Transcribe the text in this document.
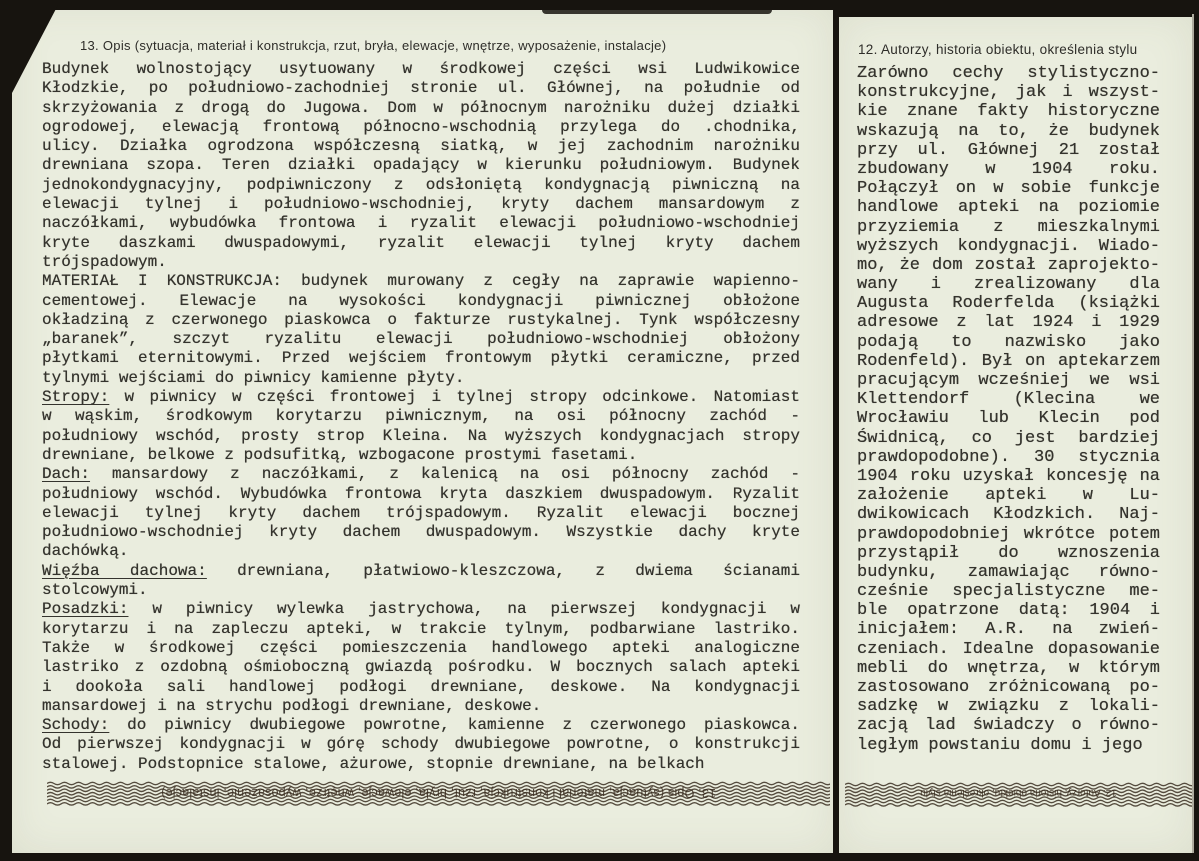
13. Opis (sytuacja, materiał i konstrukcja, rzut, bryła, elewacje, wnętrze, wyposażenie, instalacje)
Budynek wolnostojący usytuowany w środkowej części wsi Ludwikowice
Kłodzkie, po południowo-zachodniej stronie ul. Głównej, na południe od
skrzyżowania z drogą do Jugowa. Dom w północnym narożniku dużej działki
ogrodowej, elewacją frontową północno-wschodnią przylega do .chodnika,
ulicy. Działka ogrodzona współczesną siatką, w jej zachodnim narożniku
drewniana szopa. Teren działki opadający w kierunku południowym. Budynek
jednokondygnacyjny, podpiwniczony z odsłoniętą kondygnacją piwniczną na
elewacji tylnej i południowo-wschodniej, kryty dachem mansardowym z
naczółkami, wybudówka frontowa i ryzalit elewacji południowo-wschodniej
kryte daszkami dwuspadowymi, ryzalit elewacji tylnej kryty dachem
trójspadowym.
MATERIAŁ I KONSTRUKCJA: budynek murowany z cegły na zaprawie wapienno-
cementowej. Elewacje na wysokości kondygnacji piwnicznej obłożone
okładziną z czerwonego piaskowca o fakturze rustykalnej. Tynk współczesny
„baranek”, szczyt ryzalitu elewacji południowo-wschodniej obłożony
płytkami eternitowymi. Przed wejściem frontowym płytki ceramiczne, przed
tylnymi wejściami do piwnicy kamienne płyty.
Stropy: w piwnicy w części frontowej i tylnej stropy odcinkowe. Natomiast
w wąskim, środkowym korytarzu piwnicznym, na osi północny zachód -
południowy wschód, prosty strop Kleina. Na wyższych kondygnacjach stropy
drewniane, belkowe z podsufitką, wzbogacone prostymi fasetami.
Dach: mansardowy z naczółkami, z kalenicą na osi północny zachód -
południowy wschód. Wybudówka frontowa kryta daszkiem dwuspadowym. Ryzalit
elewacji tylnej kryty dachem trójspadowym. Ryzalit elewacji bocznej
południowo-wschodniej kryty dachem dwuspadowym. Wszystkie dachy kryte
dachówką.
Więźba dachowa: drewniana, płatwiowo-kleszczowa, z dwiema ścianami
stolcowymi.
Posadzki: w piwnicy wylewka jastrychowa, na pierwszej kondygnacji w
korytarzu i na zapleczu apteki, w trakcie tylnym, podbarwiane lastriko.
Także w środkowej części pomieszczenia handlowego apteki analogiczne
lastriko z ozdobną ośmioboczną gwiazdą pośrodku. W bocznych salach apteki
i dookoła sali handlowej podłogi drewniane, deskowe. Na kondygnacji
mansardowej i na strychu podłogi drewniane, deskowe.
Schody: do piwnicy dwubiegowe powrotne, kamienne z czerwonego piaskowca.
Od pierwszej kondygnacji w górę schody dwubiegowe powrotne, o konstrukcji
stalowej. Podstopnice stalowe, ażurowe, stopnie drewniane, na belkach
13. Opis (sytuacja, materiał i konstrukcja, rzut, bryła, elewacje, wnętrze, wyposażenie, instalacje)
12. Autorzy, historia obiektu, określenia stylu
Zarówno cechy stylistyczno-
konstrukcyjne, jak i wszyst-
kie znane fakty historyczne
wskazują na to, że budynek
przy ul. Głównej 21 został
zbudowany w 1904 roku.
Połączył on w sobie funkcje
handlowe apteki na poziomie
przyziemia z mieszkalnymi
wyższych kondygnacji. Wiado-
mo, że dom został zaprojekto-
wany i zrealizowany dla
Augusta Roderfelda (książki
adresowe z lat 1924 i 1929
podają to nazwisko jako
Rodenfeld). Był on aptekarzem
pracującym wcześniej we wsi
Klettendorf (Klecina we
Wrocławiu lub Klecin pod
Świdnicą, co jest bardziej
prawdopodobne). 30 stycznia
1904 roku uzyskał koncesję na
założenie apteki w Lu-
dwikowicach Kłodzkich. Naj-
prawdopodobniej wkrótce potem
przystąpił do wznoszenia
budynku, zamawiając równo-
cześnie specjalistyczne me-
ble opatrzone datą: 1904 i
inicjałem: A.R. na zwień-
czeniach. Idealne dopasowanie
mebli do wnętrza, w którym
zastosowano zróżnicowaną po-
sadzkę w związku z lokali-
zacją lad świadczy o równo-
ległym powstaniu domu i jego
12. Autorzy, historia obiektu, określenia stylu
